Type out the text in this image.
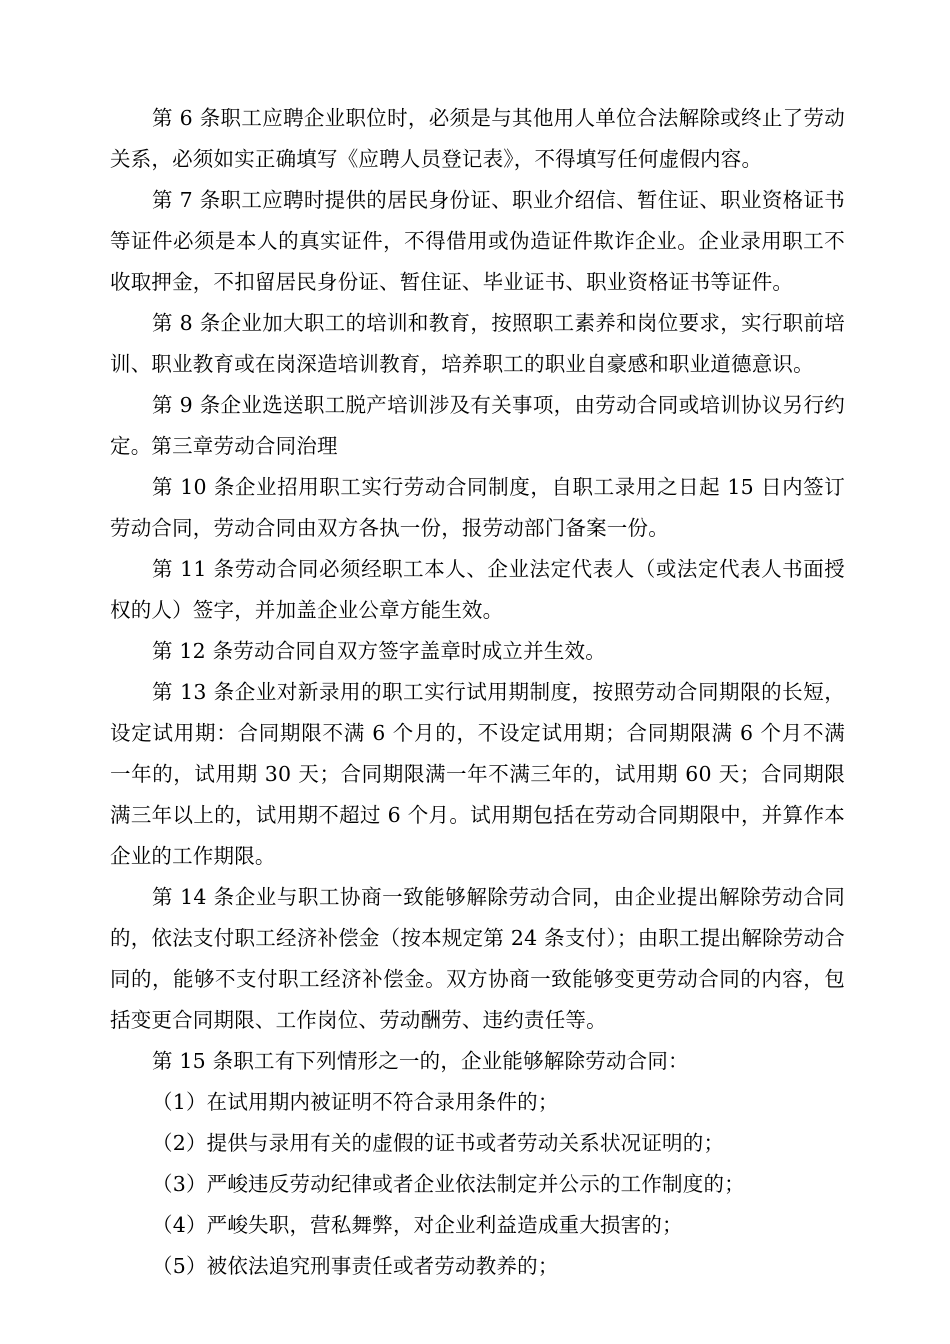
第 6 条职工应聘企业职位时，必须是与其他用人单位合法解除或终止了劳动关系，必须如实正确填写《应聘人员登记表》，不得填写任何虚假内容。

第 7 条职工应聘时提供的居民身份证、职业介绍信、暂住证、职业资格证书等证件必须是本人的真实证件，不得借用或伪造证件欺诈企业。企业录用职工不收取押金，不扣留居民身份证、暂住证、毕业证书、职业资格证书等证件。

第 8 条企业加大职工的培训和教育，按照职工素养和岗位要求，实行职前培训、职业教育或在岗深造培训教育，培养职工的职业自豪感和职业道德意识。

第 9 条企业选送职工脱产培训涉及有关事项，由劳动合同或培训协议另行约定。第三章劳动合同治理

第 10 条企业招用职工实行劳动合同制度，自职工录用之日起 15 日内签订劳动合同，劳动合同由双方各执一份，报劳动部门备案一份。

第 11 条劳动合同必须经职工本人、企业法定代表人（或法定代表人书面授权的人）签字，并加盖企业公章方能生效。

第 12 条劳动合同自双方签字盖章时成立并生效。

第 13 条企业对新录用的职工实行试用期制度，按照劳动合同期限的长短，设定试用期：合同期限不满 6 个月的，不设定试用期；合同期限满 6 个月不满一年的，试用期 30 天；合同期限满一年不满三年的，试用期 60 天；合同期限满三年以上的，试用期不超过 6 个月。试用期包括在劳动合同期限中，并算作本企业的工作期限。

第 14 条企业与职工协商一致能够解除劳动合同，由企业提出解除劳动合同的，依法支付职工经济补偿金（按本规定第 24 条支付）；由职工提出解除劳动合同的，能够不支付职工经济补偿金。双方协商一致能够变更劳动合同的内容，包括变更合同期限、工作岗位、劳动酬劳、违约责任等。

第 15 条职工有下列情形之一的，企业能够解除劳动合同：

（1）在试用期内被证明不符合录用条件的；

（2）提供与录用有关的虚假的证书或者劳动关系状况证明的；

（3）严峻违反劳动纪律或者企业依法制定并公示的工作制度的；

（4）严峻失职，营私舞弊，对企业利益造成重大损害的；

（5）被依法追究刑事责任或者劳动教养的；
